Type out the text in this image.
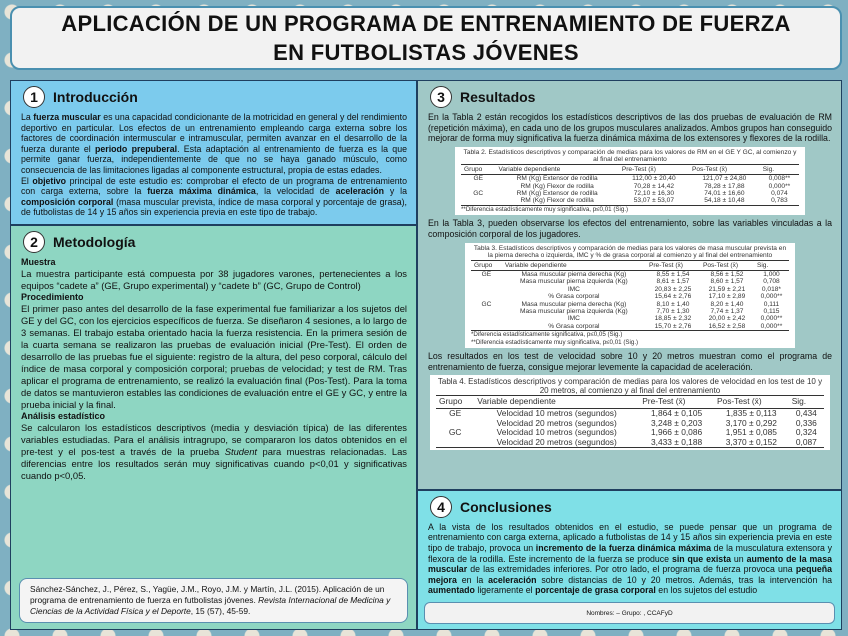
APLICACIÓN DE UN PROGRAMA DE ENTRENAMIENTO DE FUERZA EN FUTBOLISTAS JÓVENES
1	Introducción

La fuerza muscular es una capacidad condicionante de la motricidad en general y del rendimiento deportivo en particular. Los efectos de un entrenamiento empleando carga externa sobre los factores de coordinación intermuscular e intramuscular, permiten avanzar en el desarrollo de la fuerza durante el periodo prepuberal. Esta adaptación al entrenamiento de fuerza es la que permite ganar fuerza, independientemente de que no se haya ganado músculo, como consecuencia de las limitaciones ligadas al componente estructural, propia de estas edades.

El objetivo principal de este estudio es: comprobar el efecto de un programa de entrenamiento con carga externa, sobre la fuerza máxima dinámica, la velocidad de aceleración y la composición corporal (masa muscular prevista, índice de masa corporal y porcentaje de grasa), de futbolistas de 14 y 15 años sin experiencia previa en este tipo de trabajo.

2	Metodología
Muestra

La muestra participante está compuesta por 38 jugadores varones, pertenecientes a los equipos “cadete a” (GE, Grupo experimental) y “cadete b” (GC, Grupo de Control)

Procedimiento

El primer paso antes del desarrollo de la fase experimental fue familiarizar a los sujetos del GE y del GC, con los ejercicios específicos de fuerza. Se diseñaron 4 sesiones, a lo largo de 3 semanas. El trabajo estaba orientado hacia la fuerza resistencia. En la primera sesión de la cuarta semana se realizaron las pruebas de evaluación inicial (Pre-Test). El orden de desarrollo de las pruebas fue el siguiente: registro de la altura, del peso corporal, cálculo del índice de masa corporal y composición corporal; pruebas de velocidad; y test de RM. Tras aplicar el programa de entrenamiento, se realizó la evaluación final (Pos-Test). Para la toma de datos se mantuvieron estables las condiciones de evaluación entre el GE y GC, y entre la prueba inicial y la final.

Análisis estadístico

Se calcularon los estadísticos descriptivos (media y desviación típica) de las diferentes variables estudiadas. Para el análisis intragrupo, se compararon los datos obtenidos en el pre-test y el pos-test a través de la prueba Student para muestras relacionadas. Las diferencias entre los resultados serán muy significativas cuando p<0,01 y significativas cuando p<0,05.

Sánchez-Sánchez, J., Pérez, S., Yagüe, J.M., Royo, J.M. y Martín, J.L. (2015). Aplicación de un programa de entrenamiento de fuerza en futbolistas jóvenes. Revista Internacional de Medicina y Ciencias de la Actividad Física y el Deporte, 15 (57), 45-59.
3	Resultados

En la Tabla 2 están recogidos los estadísticos descriptivos de las dos pruebas de evaluación de RM (repetición máxima), en cada uno de los grupos musculares analizados. Ambos grupos han conseguido mejorar de forma muy significativa la fuerza dinámica máxima de los extensores y flexores de la rodilla.

Tabla 2. Estadísticos descriptivos y comparación de medias para los valores de RM en el GE Y GC, al comienzo y al final del entrenamiento
Grupo	Variable dependiente	Pre-Test (x̄)	Pos-Test (x̄)	Sig.
GE	RM (Kg) Extensor de rodilla	112,00 ± 20,40	121,07 ± 24,80	0,008**
	RM (Kg) Flexor de rodilla	70,28 ± 14,42	78,28 ± 17,88	0,000**
GC	RM (Kg) Extensor de rodilla	72,10 ± 16,30	74,01 ± 16,60	0,074
	RM (Kg) Flexor de rodilla	53,07 ± 53,07	54,18 ± 10,48	0,783
**Diferencia estadísticamente muy significativa, p≤0,01 (Sig.)

En la Tabla 3, pueden observarse los efectos del entrenamiento, sobre las variables vinculadas a la composición corporal de los jugadores.

Tabla 3. Estadísticos descriptivos y comparación de medias para los valores de masa muscular prevista en la pierna derecha o izquierda, IMC y % de grasa corporal al comienzo y al final del entrenamiento
Grupo	Variable dependiente	Pre-Test (x̄)	Pos-Test (x̄)	Sig.
GE	Masa muscular pierna derecha (Kg)	8,55 ± 1,54	8,56 ± 1,52	1,000
	Masa muscular pierna izquierda (Kg)	8,61 ± 1,57	8,60 ± 1,57	0,708
	IMC	20,83 ± 2,25	21,59 ± 2,21	0,018*
	% Grasa corporal	15,64 ± 2,76	17,10 ± 2,89	0,000**
GC	Masa muscular pierna derecha (Kg)	8,10 ± 1,40	8,20 ± 1,40	0,111
	Masa muscular pierna izquierda (Kg)	7,70 ± 1,30	7,74 ± 1,37	0,115
	IMC	18,85 ± 2,32	20,00 ± 2,42	0,000**
	% Grasa corporal	15,70 ± 2,76	16,52 ± 2,58	0,000**
*Diferencia estadísticamente significativa, p≤0,05 (Sig.)
**Diferencia estadísticamente muy significativa, p≤0,01 (Sig.)

Los resultados en los test de velocidad sobre 10 y 20 metros muestran como el programa de entrenamiento de fuerza, consigue mejorar levemente la capacidad de aceleración.

Tabla 4. Estadísticos descriptivos y comparación de medias para los valores de velocidad en los test de 10 y 20 metros, al comienzo y al final del entrenamiento
Grupo	Variable dependiente	Pre-Test (x̄)	Pos-Test (x̄)	Sig.
GE	Velocidad 10 metros (segundos)	1,864 ± 0,105	1,835 ± 0,113	0,434
	Velocidad 20 metros (segundos)	3,248 ± 0,203	3,170 ± 0,292	0,336
GC	Velocidad 10 metros (segundos)	1,966 ± 0,086	1,951 ± 0,085	0,324
	Velocidad 20 metros (segundos)	3,433 ± 0,188	3,370 ± 0,152	0,087
4	Conclusiones

A la vista de los resultados obtenidos en el estudio, se puede pensar que un programa de entrenamiento con carga externa, aplicado a futbolistas de 14 y 15 años sin experiencia previa en este tipo de trabajo, provoca un incremento de la fuerza dinámica máxima de la musculatura extensora y flexora de la rodilla. Este incremento de la fuerza se produce sin que exista un aumento de la masa muscular de las extremidades inferiores. Por otro lado, el programa de fuerza provoca una pequeña mejora en la aceleración sobre distancias de 10 y 20 metros. Además, tras la intervención ha aumentado ligeramente el porcentaje de grasa corporal en los sujetos del estudio

Nombres: – Grupo: , CCAFyD
